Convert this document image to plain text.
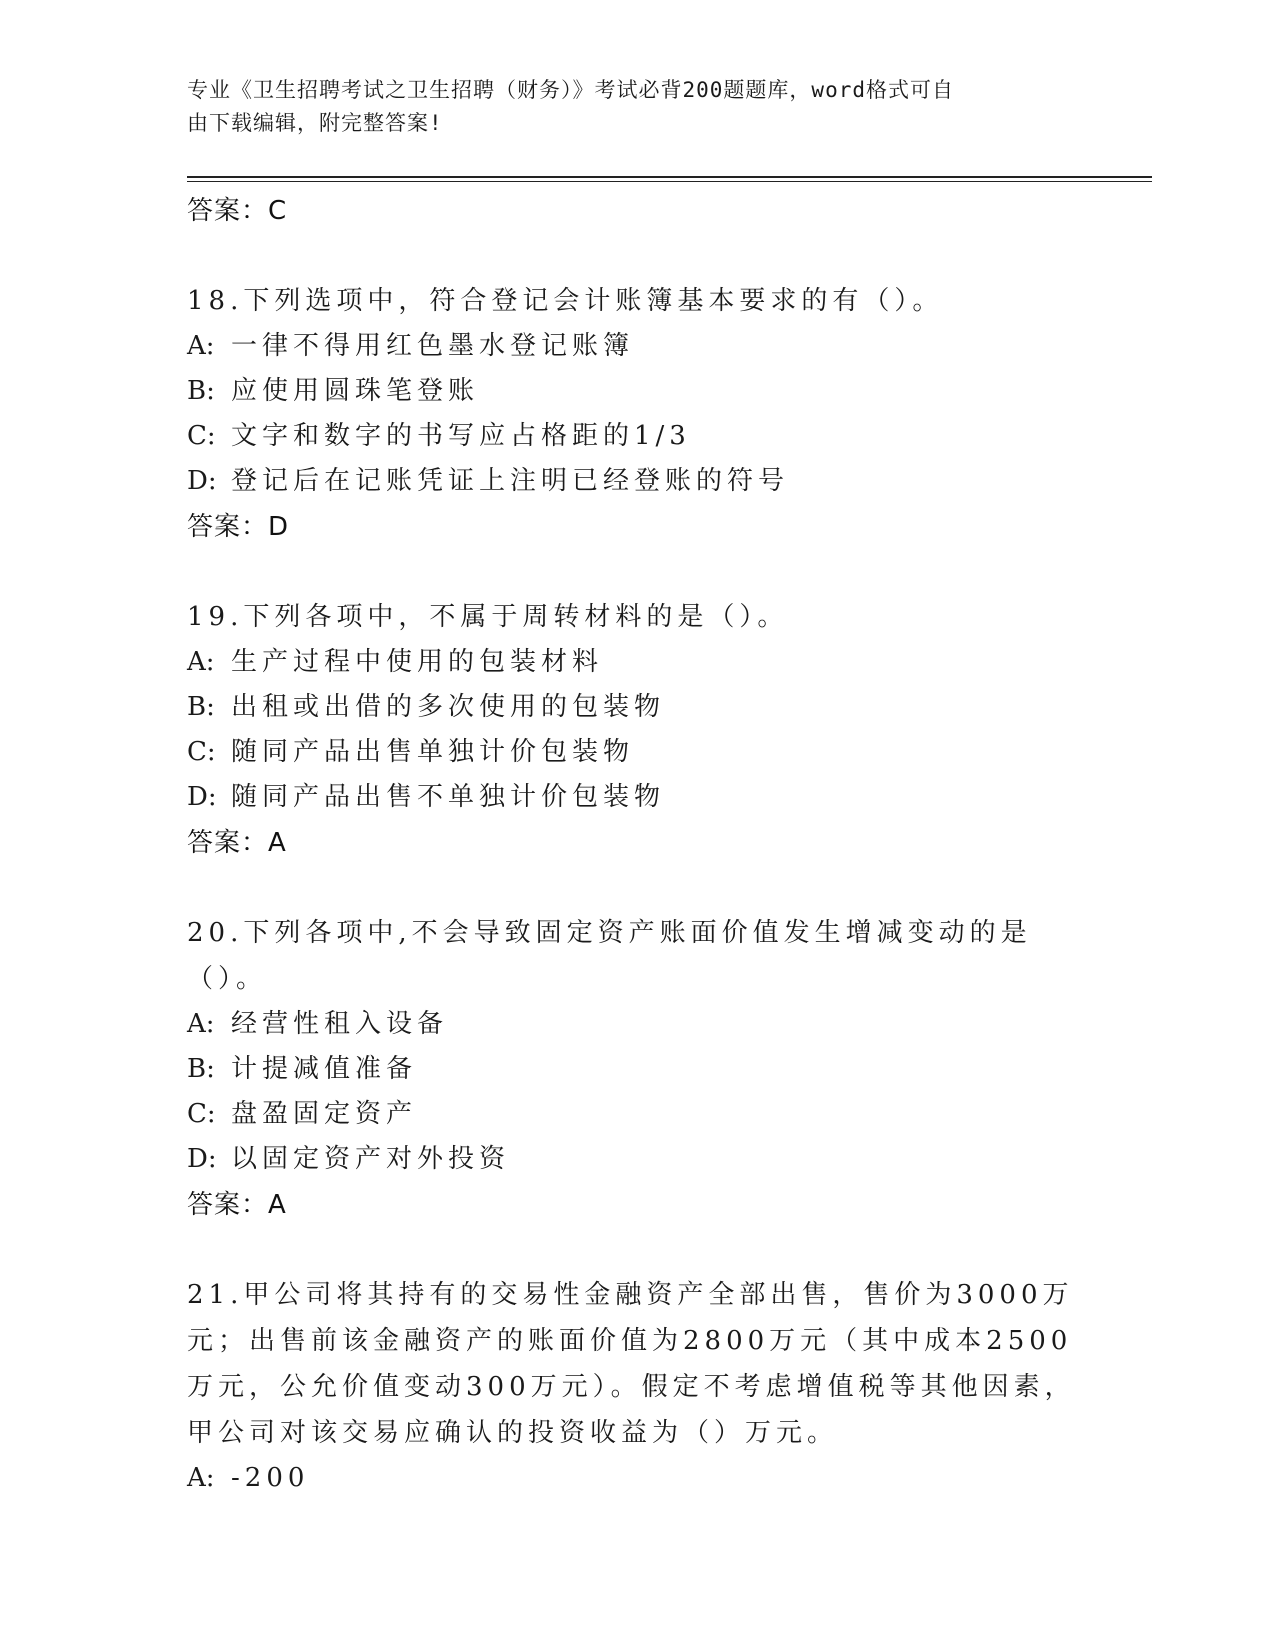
专业《卫生招聘考试之卫生招聘（财务）》考试必背200题题库，word格式可自
由下载编辑，附完整答案!
答案：C

18.下列选项中，符合登记会计账簿基本要求的有（）。

A: 一律不得用红色墨水登记账簿
B: 应使用圆珠笔登账
C: 文字和数字的书写应占格距的1/3
D: 登记后在记账凭证上注明已经登账的符号
答案：D

19.下列各项中，不属于周转材料的是（）。

A: 生产过程中使用的包装材料
B: 出租或出借的多次使用的包装物
C: 随同产品出售单独计价包装物
D: 随同产品出售不单独计价包装物
答案：A

20.下列各项中,不会导致固定资产账面价值发生增减变动的是（）。

A: 经营性租入设备
B: 计提减值准备
C: 盘盈固定资产
D: 以固定资产对外投资
答案：A

21.甲公司将其持有的交易性金融资产全部出售，售价为3000万元；出售前该金融资产的账面价值为2800万元（其中成本2500万元，公允价值变动300万元）。假定不考虑增值税等其他因素，甲公司对该交易应确认的投资收益为（）万元。

A: -200
